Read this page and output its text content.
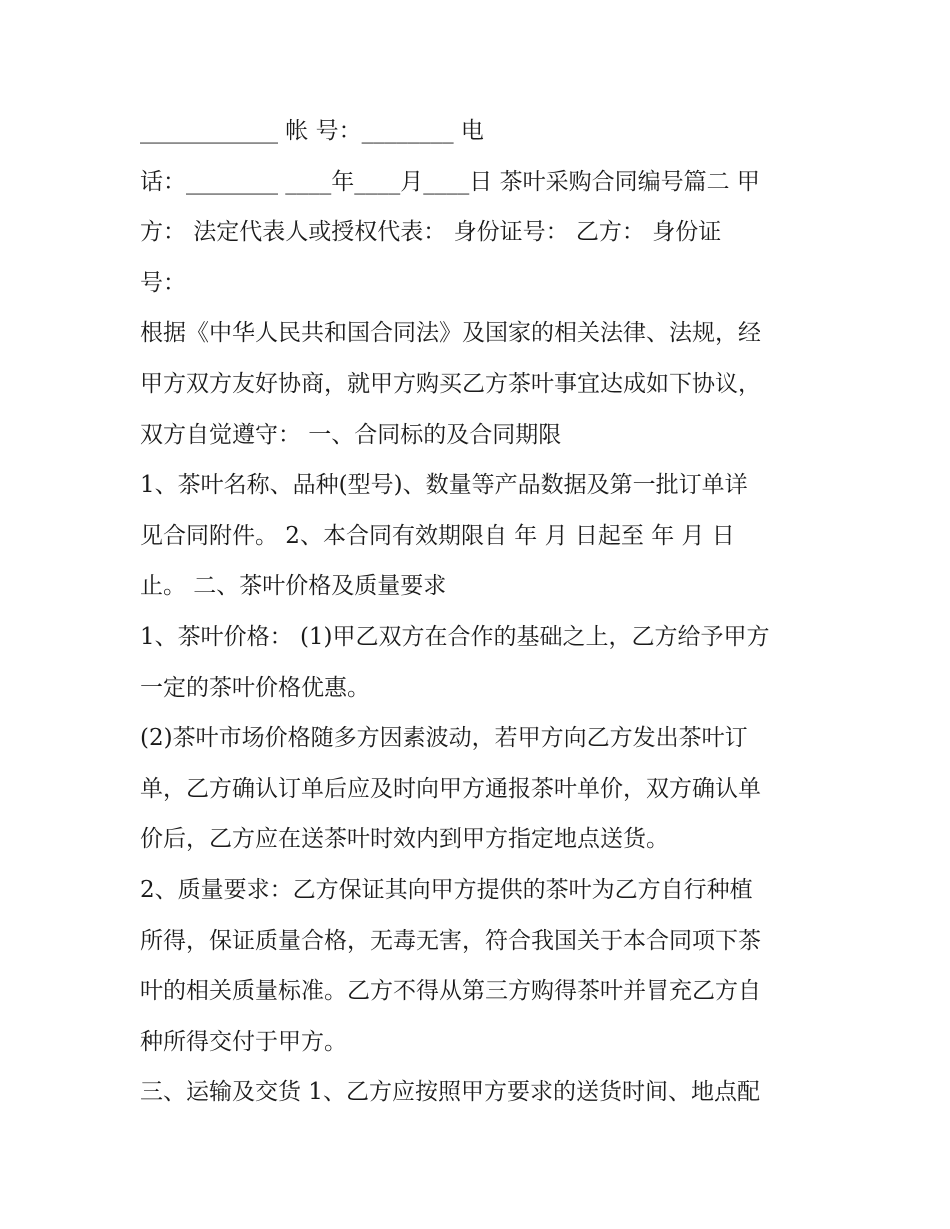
____________ 帐 号：________ 电
话：________ ____年____月____日 茶叶采购合同编号篇二 甲
方： 法定代表人或授权代表： 身份证号： 乙方： 身份证
号：
根据《中华人民共和国合同法》及国家的相关法律、法规，经
甲方双方友好协商，就甲方购买乙方茶叶事宜达成如下协议，
双方自觉遵守： 一、合同标的及合同期限
1、茶叶名称、品种(型号)、数量等产品数据及第一批订单详
见合同附件。 2、本合同有效期限自 年 月 日起至 年 月 日
止。 二、茶叶价格及质量要求
1、茶叶价格： (1)甲乙双方在合作的基础之上，乙方给予甲方
一定的茶叶价格优惠。
(2)茶叶市场价格随多方因素波动，若甲方向乙方发出茶叶订
单，乙方确认订单后应及时向甲方通报茶叶单价，双方确认单
价后，乙方应在送茶叶时效内到甲方指定地点送货。
2、质量要求：乙方保证其向甲方提供的茶叶为乙方自行种植
所得，保证质量合格，无毒无害，符合我国关于本合同项下茶
叶的相关质量标准。乙方不得从第三方购得茶叶并冒充乙方自
种所得交付于甲方。
三、运输及交货 1、乙方应按照甲方要求的送货时间、地点配
